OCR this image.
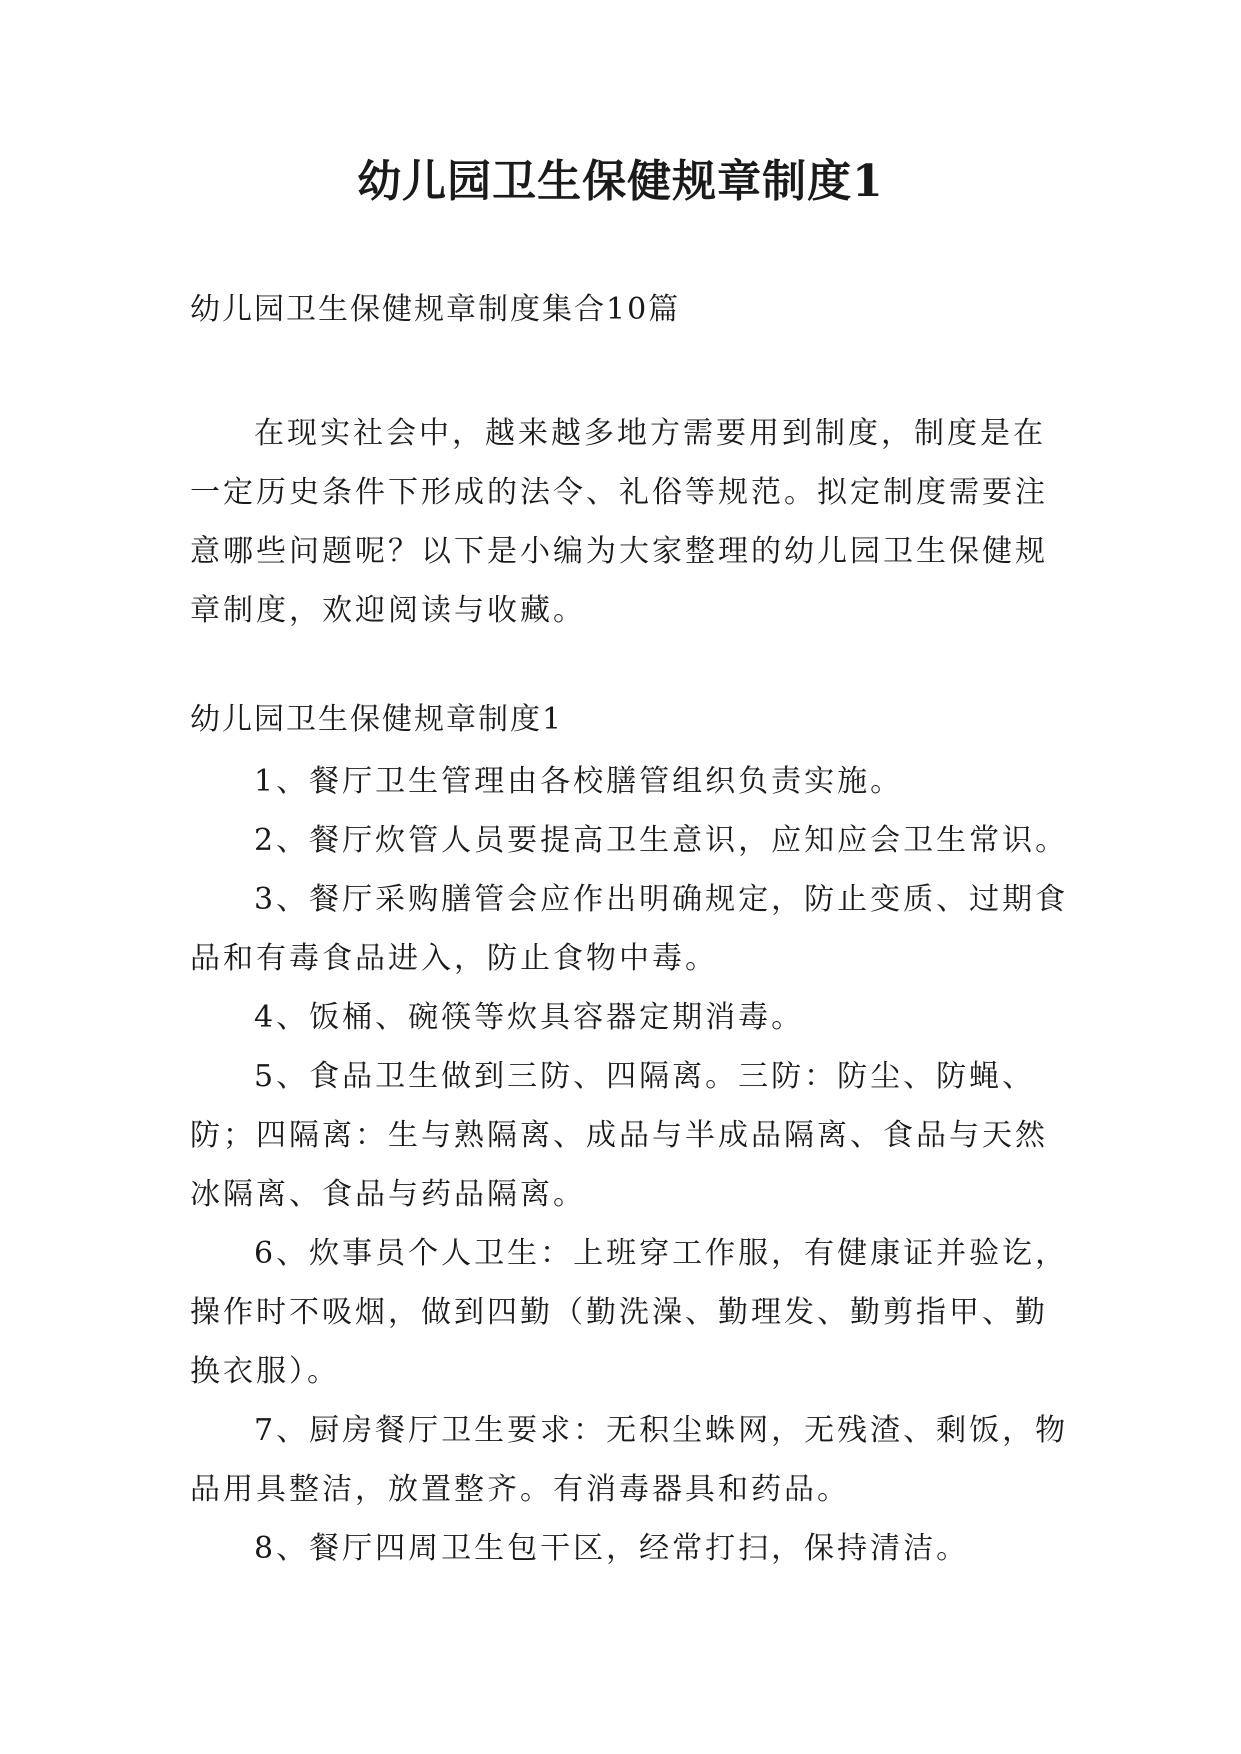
幼儿园卫生保健规章制度1

幼儿园卫生保健规章制度集合10篇

在现实社会中，越来越多地方需要用到制度，制度是在一定历史条件下形成的法令、礼俗等规范。拟定制度需要注意哪些问题呢？以下是小编为大家整理的幼儿园卫生保健规章制度，欢迎阅读与收藏。

幼儿园卫生保健规章制度1

1、餐厅卫生管理由各校膳管组织负责实施。
2、餐厅炊管人员要提高卫生意识，应知应会卫生常识。
3、餐厅采购膳管会应作出明确规定，防止变质、过期食品和有毒食品进入，防止食物中毒。
4、饭桶、碗筷等炊具容器定期消毒。
5、食品卫生做到三防、四隔离。三防：防尘、防蝇、防；四隔离：生与熟隔离、成品与半成品隔离、食品与天然冰隔离、食品与药品隔离。
6、炊事员个人卫生：上班穿工作服，有健康证并验讫，操作时不吸烟，做到四勤（勤洗澡、勤理发、勤剪指甲、勤换衣服）。
7、厨房餐厅卫生要求：无积尘蛛网，无残渣、剩饭，物品用具整洁，放置整齐。有消毒器具和药品。
8、餐厅四周卫生包干区，经常打扫，保持清洁。
